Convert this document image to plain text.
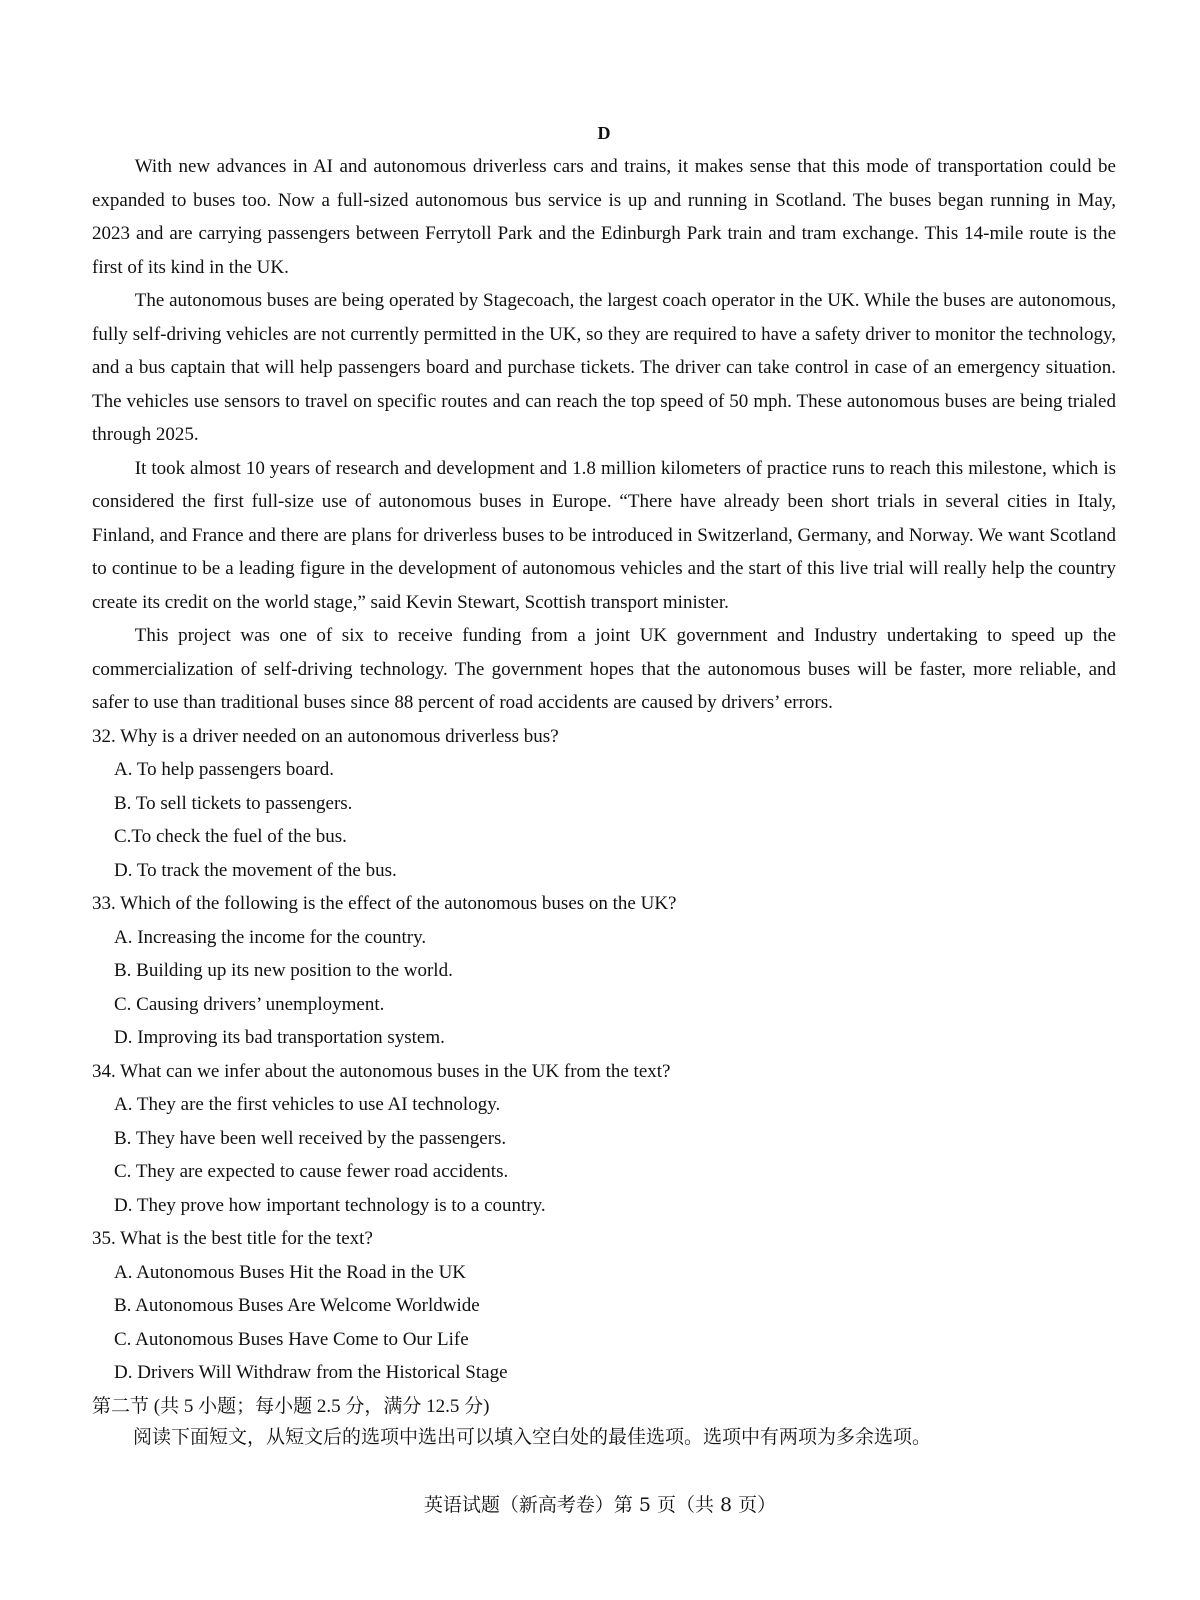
D

With new advances in AI and autonomous driverless cars and trains, it makes sense that this mode of transportation could be expanded to buses too. Now a full-sized autonomous bus service is up and running in Scotland. The buses began running in May, 2023 and are carrying passengers between Ferrytoll Park and the Edinburgh Park train and tram exchange. This 14-mile route is the first of its kind in the UK.

The autonomous buses are being operated by Stagecoach, the largest coach operator in the UK. While the buses are autonomous, fully self-driving vehicles are not currently permitted in the UK, so they are required to have a safety driver to monitor the technology, and a bus captain that will help passengers board and purchase tickets. The driver can take control in case of an emergency situation. The vehicles use sensors to travel on specific routes and can reach the top speed of 50 mph. These autonomous buses are being trialed through 2025.

It took almost 10 years of research and development and 1.8 million kilometers of practice runs to reach this milestone, which is considered the first full-size use of autonomous buses in Europe. “There have already been short trials in several cities in Italy, Finland, and France and there are plans for driverless buses to be introduced in Switzerland, Germany, and Norway. We want Scotland to continue to be a leading figure in the development of autonomous vehicles and the start of this live trial will really help the country create its credit on the world stage,” said Kevin Stewart, Scottish transport minister.

This project was one of six to receive funding from a joint UK government and Industry undertaking to speed up the commercialization of self-driving technology. The government hopes that the autonomous buses will be faster, more reliable, and safer to use than traditional buses since 88 percent of road accidents are caused by drivers’ errors.

32. Why is a driver needed on an autonomous driverless bus?

A. To help passengers board.

B. To sell tickets to passengers.

C.To check the fuel of the bus.

D. To track the movement of the bus.

33. Which of the following is the effect of the autonomous buses on the UK?

A. Increasing the income for the country.

B. Building up its new position to the world.

C. Causing drivers’ unemployment.

D. Improving its bad transportation system.

34. What can we infer about the autonomous buses in the UK from the text?

A. They are the first vehicles to use AI technology.

B. They have been well received by the passengers.

C. They are expected to cause fewer road accidents.

D. They prove how important technology is to a country.

35. What is the best title for the text?

A. Autonomous Buses Hit the Road in the UK

B. Autonomous Buses Are Welcome Worldwide

C. Autonomous Buses Have Come to Our Life

D. Drivers Will Withdraw from the Historical Stage

第二节 (共 5 小题；每小题 2.5 分，满分 12.5 分)

阅读下面短文，从短文后的选项中选出可以填入空白处的最佳选项。选项中有两项为多余选项。

英语试题（新高考卷）第 5 页（共 8 页）
